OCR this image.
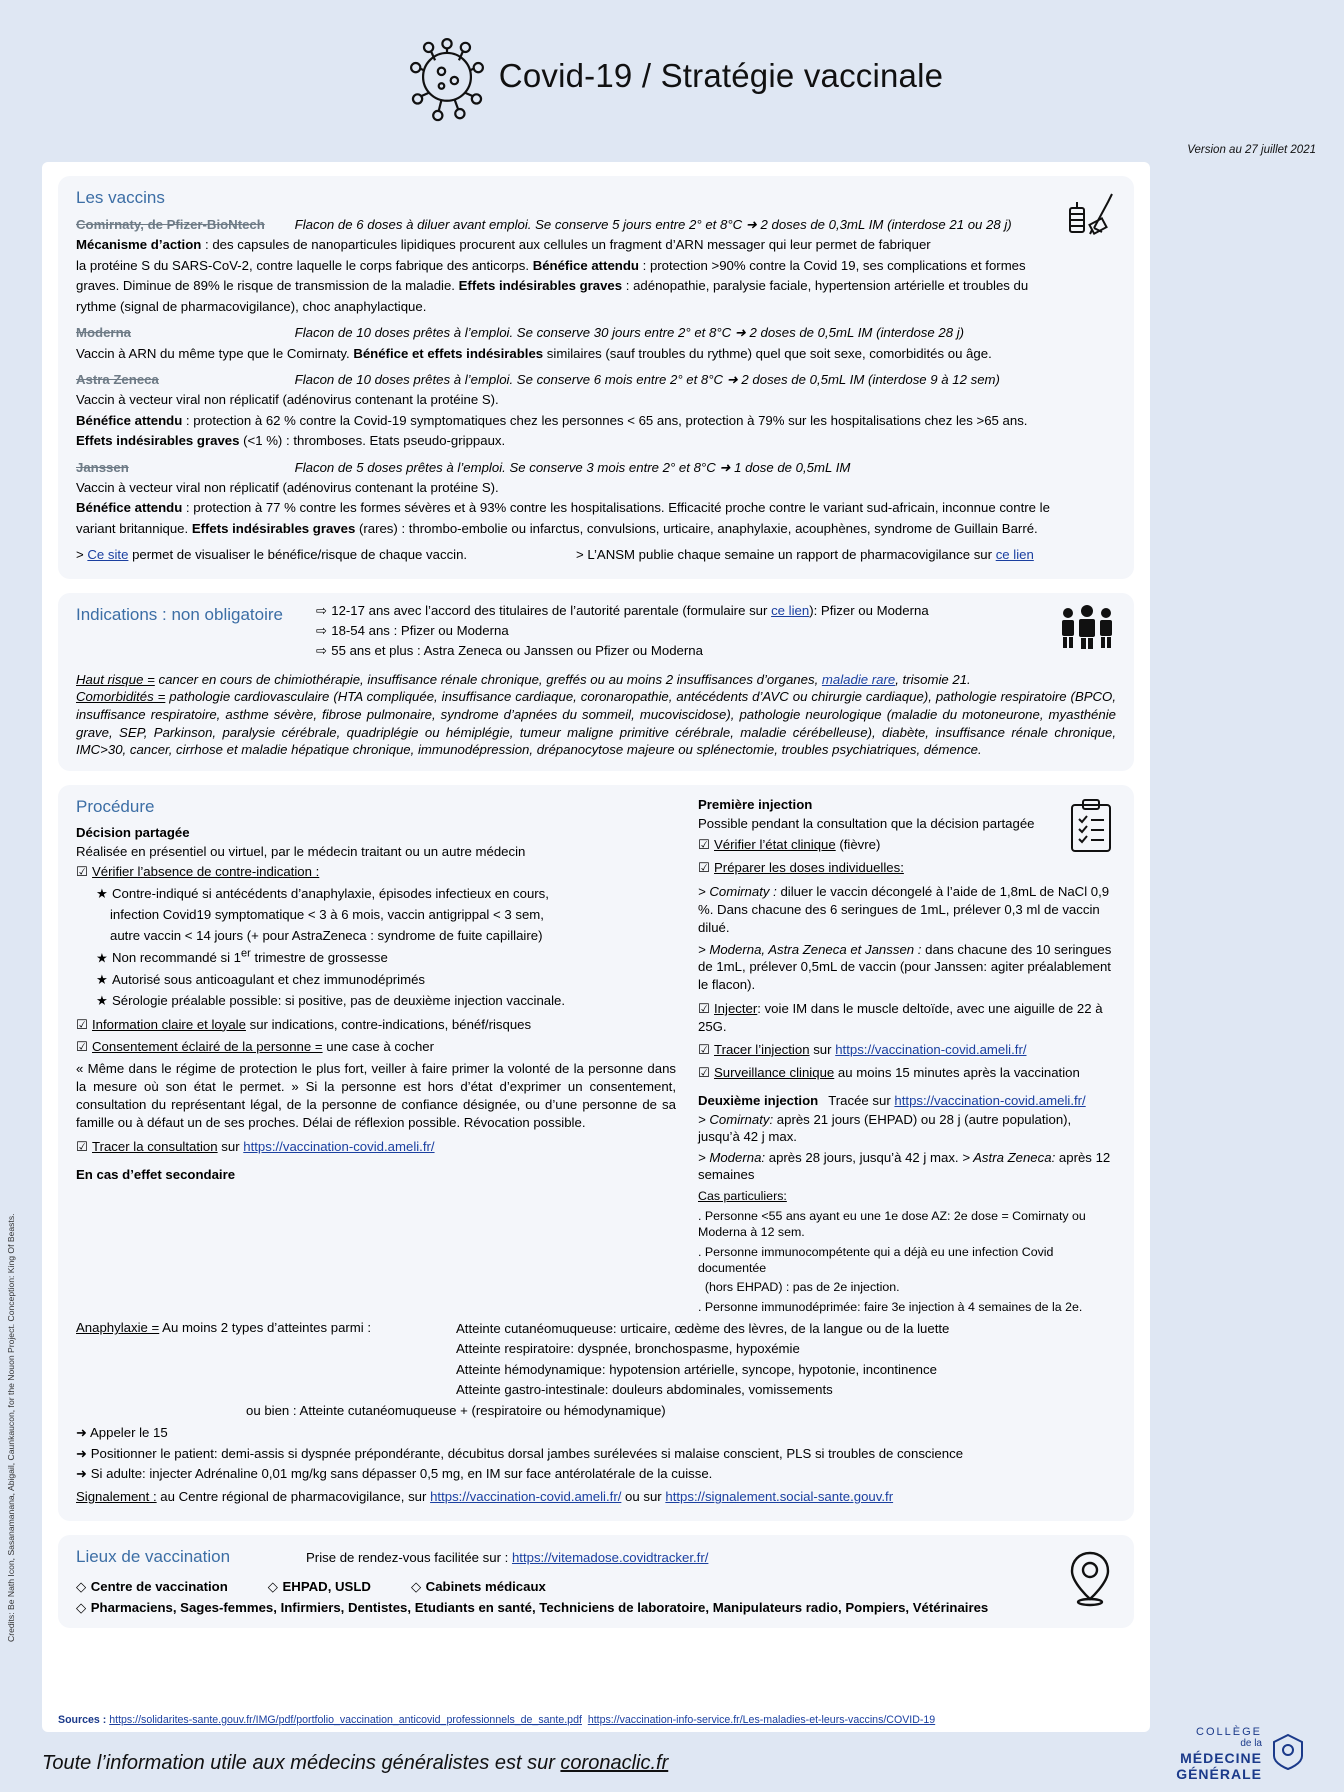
Covid-19 / Stratégie vaccinale
Version au 27 juillet 2021
Les vaccins
Comirnaty, de Pfizer-BioNtech Flacon de 6 doses à diluer avant emploi. Se conserve 5 jours entre 2° et 8°C ➜ 2 doses de 0,3mL IM (interdose 21 ou 28 j)
Mécanisme d’action : des capsules de nanoparticules lipidiques procurent aux cellules un fragment d’ARN messager qui leur permet de fabriquer
la protéine S du SARS-CoV-2, contre laquelle le corps fabrique des anticorps. Bénéfice attendu : protection >90% contre la Covid 19, ses complications et formes
graves. Diminue de 89% le risque de transmission de la maladie. Effets indésirables graves : adénopathie, paralysie faciale, hypertension artérielle et troubles du
rythme (signal de pharmacovigilance), choc anaphylactique.
Moderna	Flacon de 10 doses prêtes à l’emploi. Se conserve 30 jours entre 2° et 8°C ➜ 2 doses de 0,5mL IM (interdose 28 j)
Vaccin à ARN du même type que le Comirnaty. Bénéfice et effets indésirables similaires (sauf troubles du rythme) quel que soit sexe, comorbidités ou âge.
Astra Zeneca	Flacon de 10 doses prêtes à l’emploi. Se conserve 6 mois entre 2° et 8°C ➜ 2 doses de 0,5mL IM (interdose 9 à 12 sem)
Vaccin à vecteur viral non réplicatif (adénovirus contenant la protéine S).
Bénéfice attendu : protection à 62 % contre la Covid-19 symptomatiques chez les personnes < 65 ans, protection à 79% sur les hospitalisations chez les >65 ans.
Effets indésirables graves (<1 %) : thromboses. Etats pseudo-grippaux.
Janssen	Flacon de 5 doses prêtes à l’emploi. Se conserve 3 mois entre 2° et 8°C ➜ 1 dose de 0,5mL IM
Vaccin à vecteur viral non réplicatif (adénovirus contenant la protéine S).
Bénéfice attendu : protection à 77 % contre les formes sévères et à 93% contre les hospitalisations. Efficacité proche contre le variant sud-africain, inconnue contre le
variant britannique. Effets indésirables graves (rares) : thrombo-embolie ou infarctus, convulsions, urticaire, anaphylaxie, acouphènes, syndrome de Guillain Barré.
> Ce site permet de visualiser le bénéfice/risque de chaque vaccin.	> L’ANSM publie chaque semaine un rapport de pharmacovigilance sur ce lien
Indications : non obligatoire	⇨ 12-17 ans avec l’accord des titulaires de l’autorité parentale (formulaire sur ce lien): Pfizer ou Moderna
⇨ 18-54 ans : Pfizer ou Moderna
⇨ 55 ans et plus : Astra Zeneca ou Janssen ou Pfizer ou Moderna
Haut risque = cancer en cours de chimiothérapie, insuffisance rénale chronique, greffés ou au moins 2 insuffisances d’organes, maladie rare, trisomie 21.
Comorbidités = pathologie cardiovasculaire (HTA compliquée, insuffisance cardiaque, coronaropathie, antécédents d’AVC ou chirurgie cardiaque), pathologie respiratoire (BPCO, insuffisance respiratoire, asthme sévère, fibrose pulmonaire, syndrome d’apnées du sommeil, mucoviscidose), pathologie neurologique (maladie du motoneurone, myasthénie grave, SEP, Parkinson, paralysie cérébrale, quadriplégie ou hémiplégie, tumeur maligne primitive cérébrale, maladie cérébelleuse), diabète, insuffisance rénale chronique, IMC>30, cancer, cirrhose et maladie hépatique chronique, immunodépression, drépanocytose majeure ou splénectomie, troubles psychiatriques, démence.
Procédure
Décision partagée
Réalisée en présentiel ou virtuel, par le médecin traitant ou un autre médecin
☑ Vérifier l’absence de contre-indication :
★ Contre-indiqué si antécédents d’anaphylaxie, épisodes infectieux en cours,
infection Covid19 symptomatique < 3 à 6 mois, vaccin antigrippal < 3 sem,
autre vaccin < 14 jours (+ pour AstraZeneca : syndrome de fuite capillaire)
★ Non recommandé si 1er trimestre de grossesse
★ Autorisé sous anticoagulant et chez immunodéprimés
★ Sérologie préalable possible: si positive, pas de deuxième injection vaccinale.
☑ Information claire et loyale sur indications, contre-indications, bénéf/risques
☑ Consentement éclairé de la personne = une case à cocher
« Même dans le régime de protection le plus fort, veiller à faire primer la volonté de la personne dans la mesure où son état le permet. » Si la personne est hors d’état d’exprimer un consentement, consultation du représentant légal, de la personne de confiance désignée, ou d’une personne de sa famille ou à défaut un de ses proches. Délai de réflexion possible. Révocation possible.
☑ Tracer la consultation sur https://vaccination-covid.ameli.fr/
En cas d’effet secondaire
Première injection
Possible pendant la consultation que la décision partagée
☑ Vérifier l’état clinique (fièvre)
☑ Préparer les doses individuelles:
> Comirnaty : diluer le vaccin décongelé à l’aide de 1,8mL de NaCl 0,9 %. Dans chacune des 6 seringues de 1mL, prélever 0,3 ml de vaccin dilué.
> Moderna, Astra Zeneca et Janssen : dans chacune des 10 seringues de 1mL, prélever 0,5mL de vaccin (pour Janssen: agiter préalablement le flacon).
☑ Injecter: voie IM dans le muscle deltoïde, avec une aiguille de 22 à 25G.
☑ Tracer l’injection sur https://vaccination-covid.ameli.fr/
☑ Surveillance clinique au moins 15 minutes après la vaccination
Deuxième injection Tracée sur https://vaccination-covid.ameli.fr/
> Comirnaty: après 21 jours (EHPAD) ou 28 j (autre population), jusqu’à 42 j max.
> Moderna: après 28 jours, jusqu’à 42 j max. > Astra Zeneca: après 12 semaines
Cas particuliers:
. Personne <55 ans ayant eu une 1e dose AZ: 2e dose = Comirnaty ou Moderna à 12 sem.
. Personne immunocompétente qui a déjà eu une infection Covid documentée
(hors EHPAD) : pas de 2e injection.
. Personne immunodéprimée: faire 3e injection à 4 semaines de la 2e.
Anaphylaxie = Au moins 2 types d’atteintes parmi :	Atteinte cutanéomuqueuse: urticaire, œdème des lèvres, de la langue ou de la luette
Atteinte respiratoire: dyspnée, bronchospasme, hypoxémie
Atteinte hémodynamique: hypotension artérielle, syncope, hypotonie, incontinence
Atteinte gastro-intestinale: douleurs abdominales, vomissements
ou bien : Atteinte cutanéomuqueuse + (respiratoire ou hémodynamique)
➜ Appeler le 15
➜ Positionner le patient: demi-assis si dyspnée prépondérante, décubitus dorsal jambes surélevées si malaise conscient, PLS si troubles de conscience
➜ Si adulte: injecter Adrénaline 0,01 mg/kg sans dépasser 0,5 mg, en IM sur face antérolatérale de la cuisse.
Signalement : au Centre régional de pharmacovigilance, sur https://vaccination-covid.ameli.fr/ ou sur https://signalement.social-sante.gouv.fr
Lieux de vaccination	Prise de rendez-vous facilitée sur : https://vitemadose.covidtracker.fr/
◇ Centre de vaccination	◇ EHPAD, USLD	◇ Cabinets médicaux
◇ Pharmaciens, Sages-femmes, Infirmiers, Dentistes, Etudiants en santé, Techniciens de laboratoire, Manipulateurs radio, Pompiers, Vétérinaires
Sources : https://solidarites-sante.gouv.fr/IMG/pdf/portfolio_vaccination_anticovid_professionnels_de_sante.pdf https://vaccination-info-service.fr/Les-maladies-et-leurs-vaccins/COVID-19
Credits: Be Nath Icon, Sasanamanana, Abigail, Caunkaucon, for the Nouon Project. Conception: King Of Beasts.
Toute l’information utile aux médecins généralistes est sur coronaclic.fr
COLLÈGE
de la
MÉDECINE
GÉNÉRALE
